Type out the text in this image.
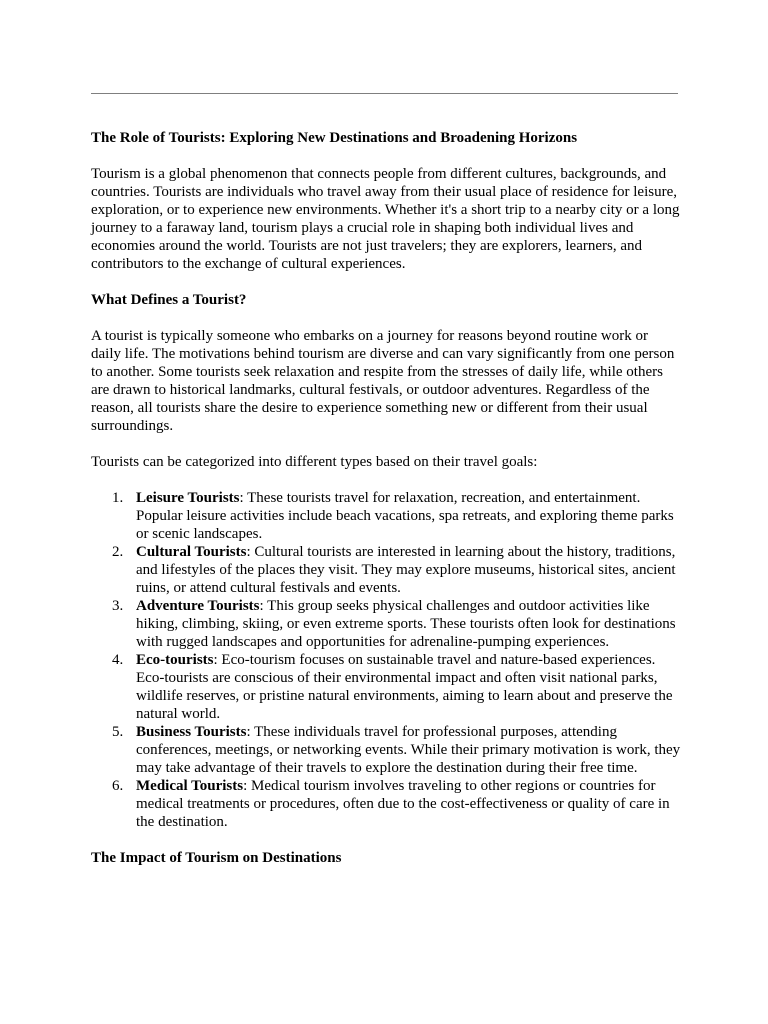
The Role of Tourists: Exploring New Destinations and Broadening Horizons

Tourism is a global phenomenon that connects people from different cultures, backgrounds, and countries. Tourists are individuals who travel away from their usual place of residence for leisure, exploration, or to experience new environments. Whether it's a short trip to a nearby city or a long journey to a faraway land, tourism plays a crucial role in shaping both individual lives and economies around the world. Tourists are not just travelers; they are explorers, learners, and contributors to the exchange of cultural experiences.

What Defines a Tourist?

A tourist is typically someone who embarks on a journey for reasons beyond routine work or daily life. The motivations behind tourism are diverse and can vary significantly from one person to another. Some tourists seek relaxation and respite from the stresses of daily life, while others are drawn to historical landmarks, cultural festivals, or outdoor adventures. Regardless of the reason, all tourists share the desire to experience something new or different from their usual surroundings.

Tourists can be categorized into different types based on their travel goals:

1. Leisure Tourists: These tourists travel for relaxation, recreation, and entertainment. Popular leisure activities include beach vacations, spa retreats, and exploring theme parks or scenic landscapes.
2. Cultural Tourists: Cultural tourists are interested in learning about the history, traditions, and lifestyles of the places they visit. They may explore museums, historical sites, ancient ruins, or attend cultural festivals and events.
3. Adventure Tourists: This group seeks physical challenges and outdoor activities like hiking, climbing, skiing, or even extreme sports. These tourists often look for destinations with rugged landscapes and opportunities for adrenaline-pumping experiences.
4. Eco-tourists: Eco-tourism focuses on sustainable travel and nature-based experiences. Eco-tourists are conscious of their environmental impact and often visit national parks, wildlife reserves, or pristine natural environments, aiming to learn about and preserve the natural world.
5. Business Tourists: These individuals travel for professional purposes, attending conferences, meetings, or networking events. While their primary motivation is work, they may take advantage of their travels to explore the destination during their free time.
6. Medical Tourists: Medical tourism involves traveling to other regions or countries for medical treatments or procedures, often due to the cost-effectiveness or quality of care in the destination.
The Impact of Tourism on Destinations
